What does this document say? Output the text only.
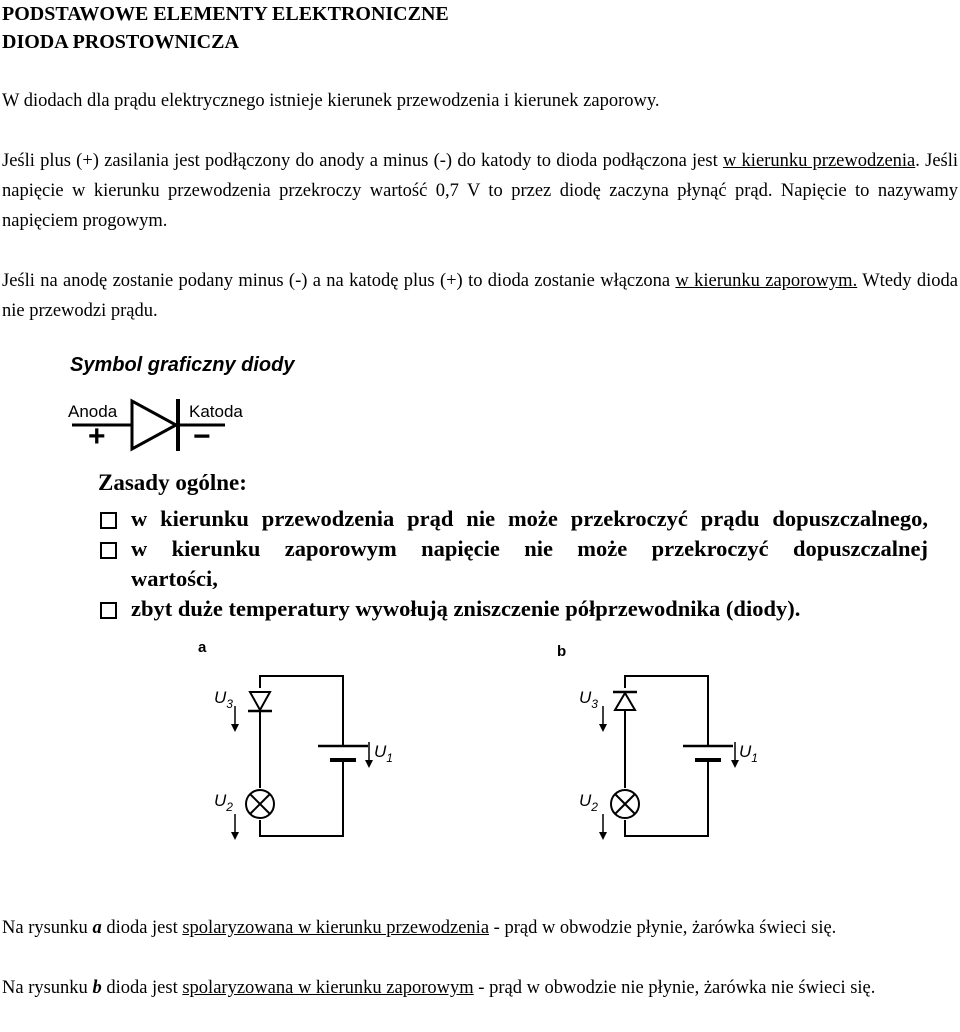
PODSTAWOWE ELEMENTY ELEKTRONICZNE
DIODA PROSTOWNICZA
W diodach dla prądu elektrycznego istnieje kierunek przewodzenia i kierunek zaporowy.
Jeśli plus (+) zasilania jest podłączony do anody a minus (-) do katody to dioda podłączona jest w kierunku przewodzenia. Jeśli napięcie w kierunku przewodzenia przekroczy wartość 0,7 V to przez diodę zaczyna płynąć prąd. Napięcie to nazywamy napięciem progowym.
Jeśli na anodę zostanie podany minus (-) a na katodę plus (+) to dioda zostanie włączona w kierunku zaporowym. Wtedy dioda nie przewodzi prądu.
Symbol graficzny diody
Anoda	Katoda
+	−
Zasady ogólne:
w kierunku przewodzenia prąd nie może przekroczyć prądu dopuszczalnego,
w kierunku zaporowym napięcie nie może przekroczyć dopuszczalnej
wartości,
zbyt duże temperatury wywołują zniszczenie półprzewodnika (diody).
a
$U_3$
$U_1$
$U_2$
b
$U_3$
$U_1$
$U_2$
Na rysunku a dioda jest spolaryzowana w kierunku przewodzenia - prąd w obwodzie płynie, żarówka świeci się.
Na rysunku b dioda jest spolaryzowana w kierunku zaporowym - prąd w obwodzie nie płynie, żarówka nie świeci się.
